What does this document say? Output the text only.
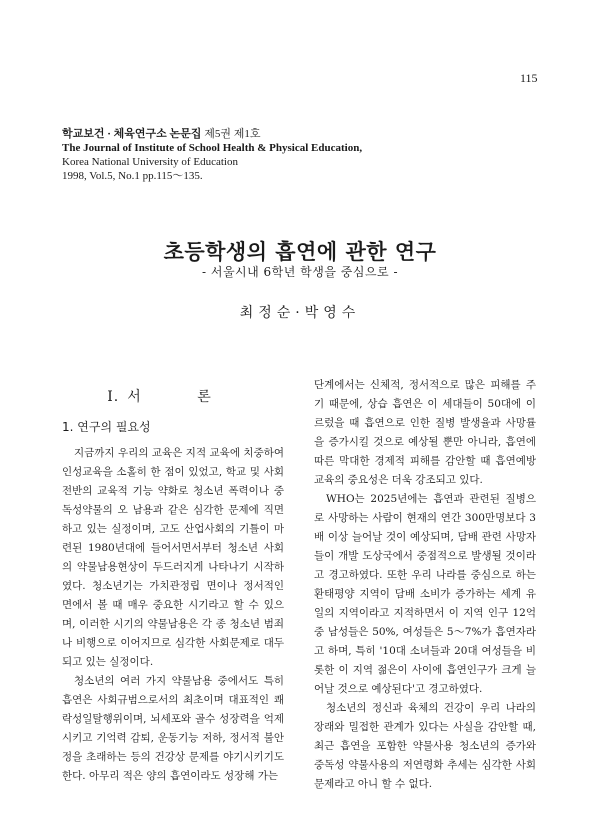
115
학교보건 · 체육연구소 논문집 제5권 제1호
The Journal of Institute of School Health & Physical Education,
Korea National University of Education
1998, Vol.5, No.1 pp.115～135.
초등학생의 흡연에 관한 연구
- 서울시내 6학년 학생을 중심으로 -
최정순·박영수
Ⅰ. 서 론
1. 연구의 필요성

지금까지 우리의 교육은 지적 교육에 치중하여 인성교육을 소홀히 한 점이 있었고, 학교 및 사회 전반의 교육적 기능 약화로 청소년 폭력이나 중독성약물의 오 남용과 같은 심각한 문제에 직면하고 있는 실정이며, 고도 산업사회의 기틀이 마련된 1980년대에 들어서면서부터 청소년 사회의 약물남용현상이 두드러지게 나타나기 시작하였다. 청소년기는 가치관정립 면이나 정서적인 면에서 볼 때 매우 중요한 시기라고 할 수 있으며, 이러한 시기의 약물남용은 각 종 청소년 범죄나 비행으로 이어지므로 심각한 사회문제로 대두되고 있는 실정이다.

청소년의 여러 가지 약물남용 중에서도 특히 흡연은 사회규범으로서의 최초이며 대표적인 쾌락성일탈행위이며, 뇌세포와 골수 성장력을 억제시키고 기억력 감퇴, 운동기능 저하, 정서적 불안정을 초래하는 등의 건강상 문제를 야기시키기도 한다. 아무리 적은 양의 흡연이라도 성장해 가는

단계에서는 신체적, 정서적으로 많은 피해를 주기 때문에, 상습 흡연은 이 세대들이 50대에 이르렀을 때 흡연으로 인한 질병 발생율과 사망률을 증가시킬 것으로 예상될 뿐만 아니라, 흡연에 따른 막대한 경제적 피해를 감안할 때 흡연예방 교육의 중요성은 더욱 강조되고 있다.

WHO는 2025년에는 흡연과 관련된 질병으로 사망하는 사람이 현재의 연간 300만명보다 3배 이상 늘어날 것이 예상되며, 담배 관련 사망자들이 개발 도상국에서 중점적으로 발생될 것이라고 경고하였다. 또한 우리 나라를 중심으로 하는 환태평양 지역이 담배 소비가 증가하는 세계 유일의 지역이라고 지적하면서 이 지역 인구 12억 중 남성들은 50%, 여성들은 5～7%가 흡연자라고 하며, 특히 '10대 소녀들과 20대 여성들을 비롯한 이 지역 젊은이 사이에 흡연인구가 크게 늘어날 것으로 예상된다'고 경고하였다.

청소년의 정신과 육체의 건강이 우리 나라의 장래와 밀접한 관계가 있다는 사실을 감안할 때, 최근 흡연을 포함한 약물사용 청소년의 증가와 중독성 약물사용의 저연령화 추세는 심각한 사회 문제라고 아니 할 수 없다.
